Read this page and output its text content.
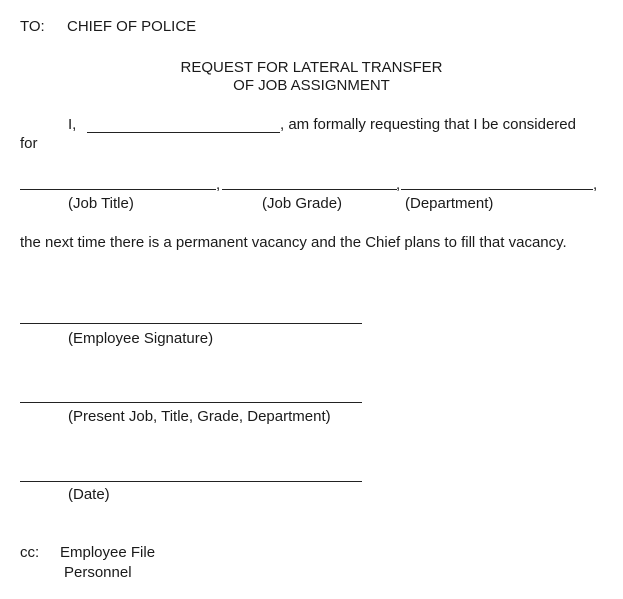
TO: CHIEF OF POLICE
REQUEST FOR LATERAL TRANSFER
OF JOB ASSIGNMENT
I,	, am formally requesting that I be considered
for
,	,	,
(Job Title)	(Job Grade)	(Department)
the next time there is a permanent vacancy and the Chief plans to fill that vacancy.
(Employee Signature)
(Present Job, Title, Grade, Department)
(Date)
cc: Employee File
Personnel
